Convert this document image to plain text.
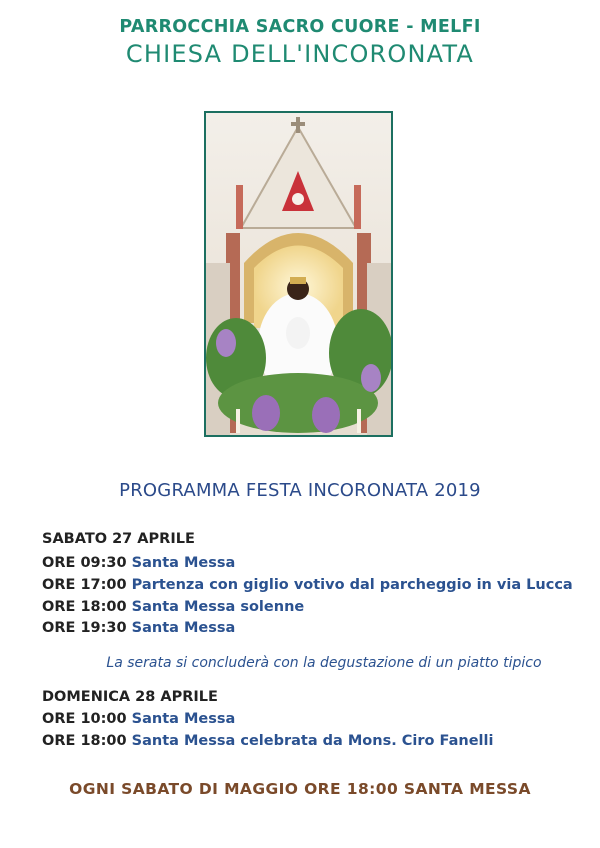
PARROCCHIA SACRO CUORE - MELFI
CHIESA DELL'INCORONATA
PROGRAMMA FESTA INCORONATA 2019
SABATO 27 APRILE
ORE 09:30 Santa Messa
ORE 17:00 Partenza con giglio votivo dal parcheggio in via Lucca
ORE 18:00 Santa Messa solenne
ORE 19:30 Santa Messa
La serata si concluderà con la degustazione di un piatto tipico
DOMENICA 28 APRILE
ORE 10:00 Santa Messa
ORE 18:00 Santa Messa celebrata da Mons. Ciro Fanelli
OGNI SABATO DI MAGGIO ORE 18:00 SANTA MESSA
